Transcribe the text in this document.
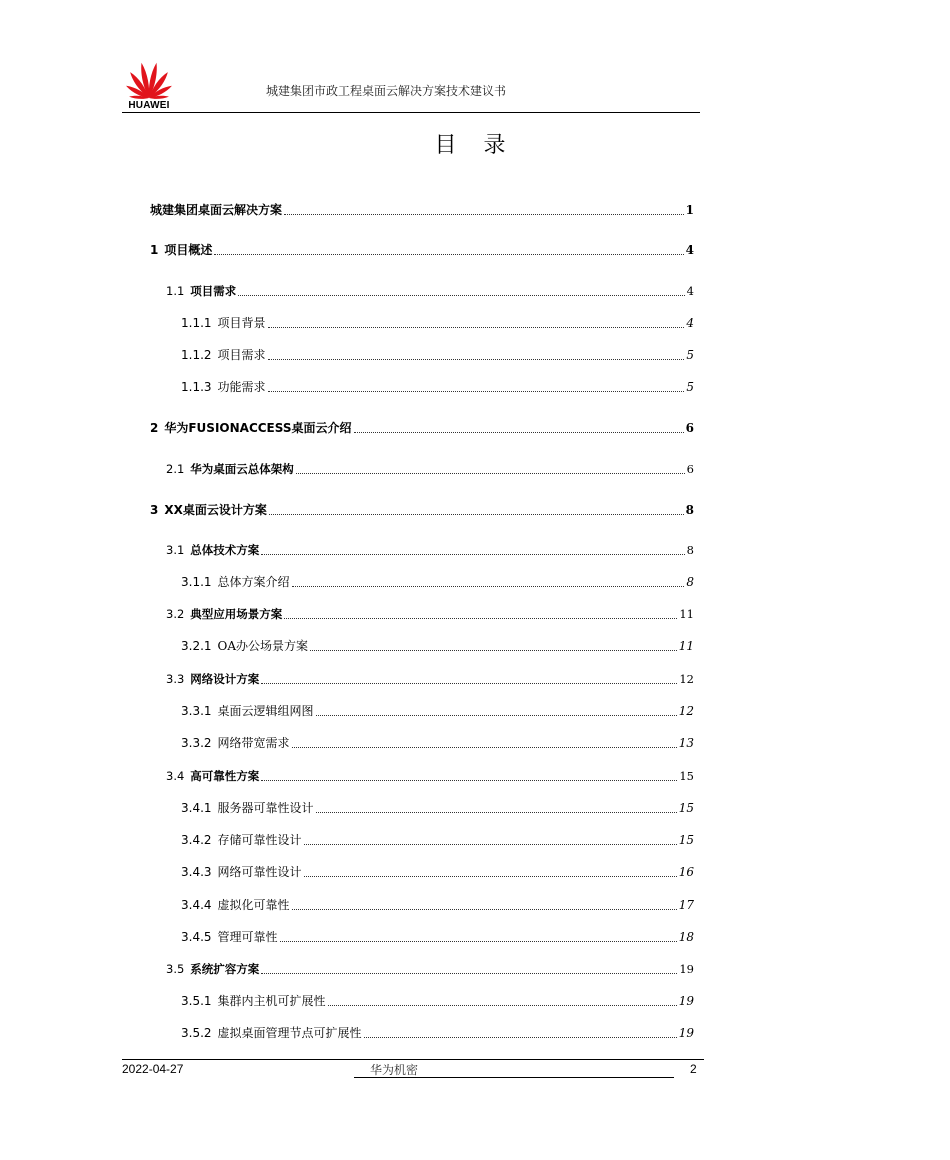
HUAWEI
城建集团市政工程桌面云解决方案技术建议书
目 录
城建集团桌面云解决方案	1
1 项目概述	4
1.1 项目需求	4
1.1.1 项目背景	4
1.1.2 项目需求	5
1.1.3 功能需求	5
2 华为FUSIONACCESS桌面云介绍	6
2.1 华为桌面云总体架构	6
3 XX桌面云设计方案	8
3.1 总体技术方案	8
3.1.1 总体方案介绍	8
3.2 典型应用场景方案	11
3.2.1 OA办公场景方案	11
3.3 网络设计方案	12
3.3.1 桌面云逻辑组网图	12
3.3.2 网络带宽需求	13
3.4 高可靠性方案	15
3.4.1 服务器可靠性设计	15
3.4.2 存储可靠性设计	15
3.4.3 网络可靠性设计	16
3.4.4 虚拟化可靠性	17
3.4.5 管理可靠性	18
3.5 系统扩容方案	19
3.5.1 集群内主机可扩展性	19
3.5.2 虚拟桌面管理节点可扩展性	19
2022-04-27	华为机密	2
